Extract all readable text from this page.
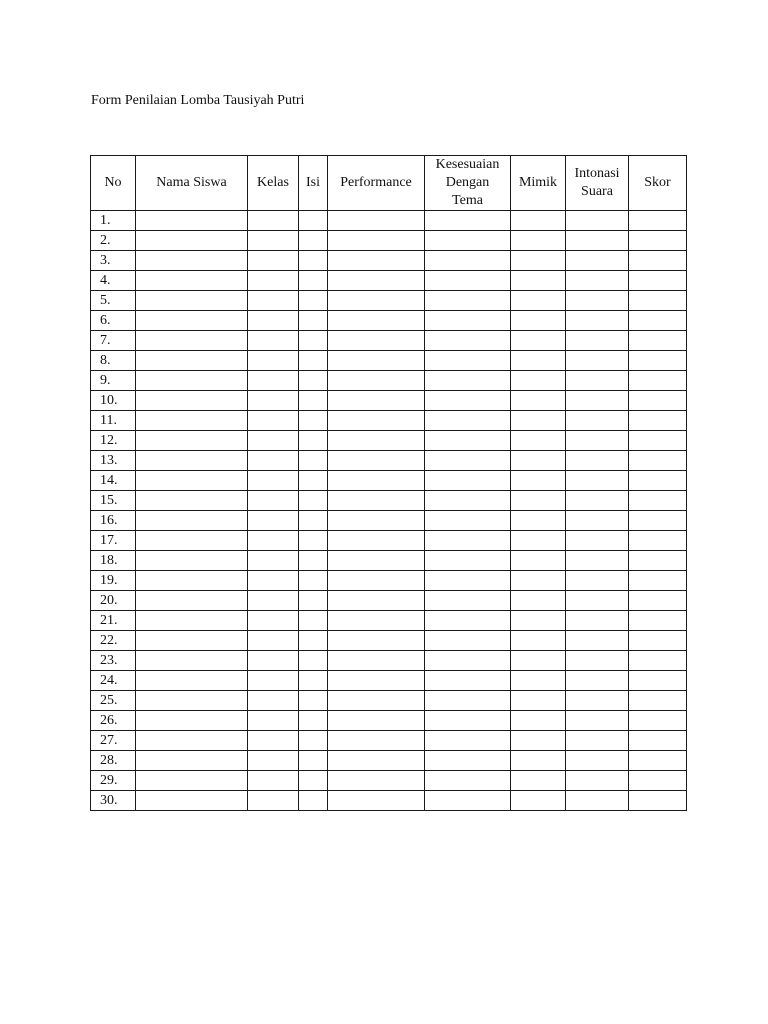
Form Penilaian Lomba Tausiyah Putri
No	Nama Siswa	Kelas	Isi	Performance	Kesesuaian
Dengan
Tema	Mimik	Intonasi
Suara	Skor
1.								
2.								
3.								
4.								
5.								
6.								
7.								
8.								
9.								
10.								
11.								
12.								
13.								
14.								
15.								
16.								
17.								
18.								
19.								
20.								
21.								
22.								
23.								
24.								
25.								
26.								
27.								
28.								
29.								
30.								
